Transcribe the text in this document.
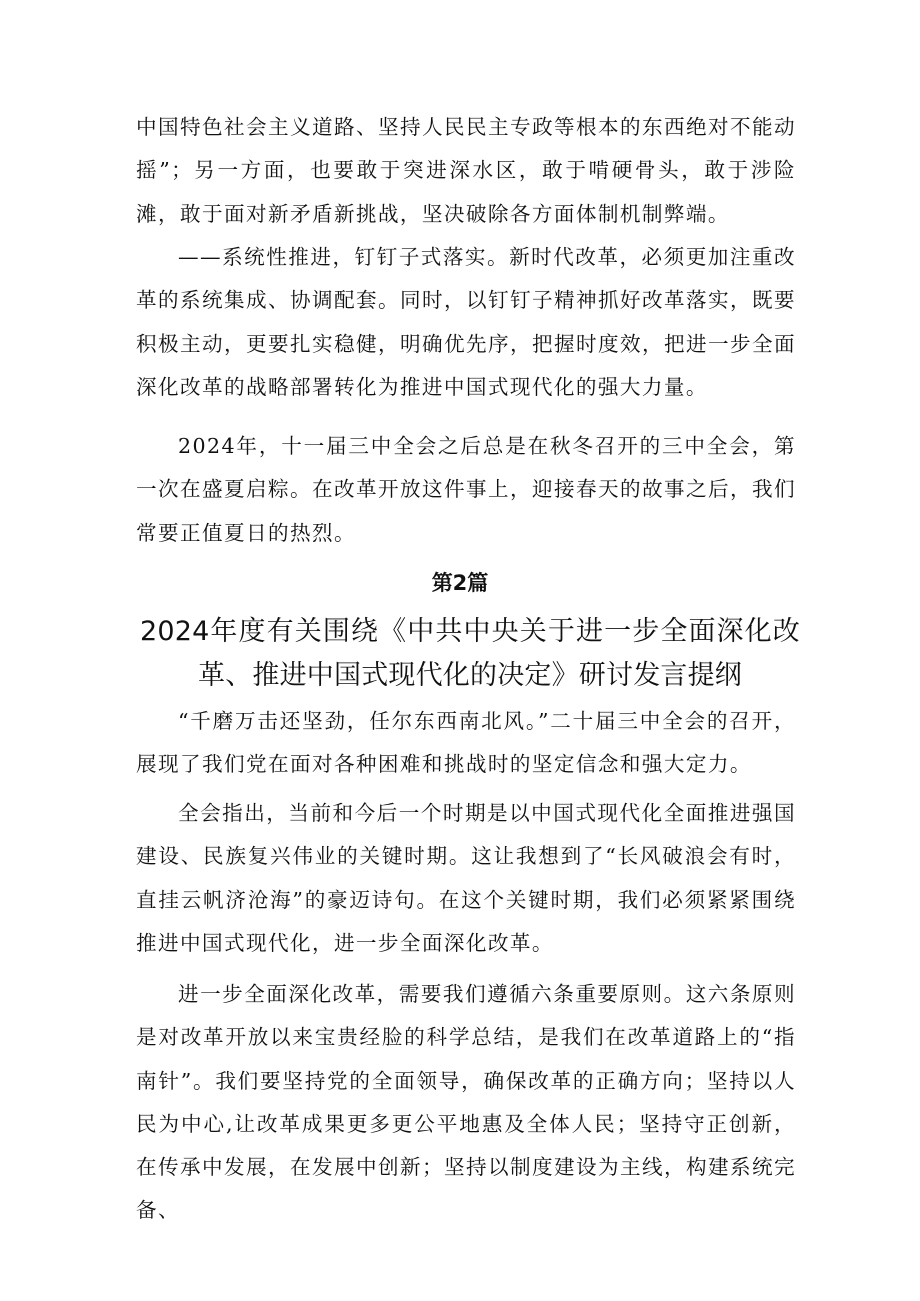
中国特色社会主义道路、坚持人民民主专政等根本的东西绝对不能动摇”；另一方面，也要敢于突进深水区，敢于啃硬骨头，敢于涉险滩，敢于面对新矛盾新挑战，坚决破除各方面体制机制弊端。

——系统性推进，钉钉子式落实。新时代改革，必须更加注重改革的系统集成、协调配套。同时，以钉钉子精神抓好改革落实，既要积极主动，更要扎实稳健，明确优先序，把握时度效，把进一步全面深化改革的战略部署转化为推进中国式现代化的强大力量。

2024年，十一届三中全会之后总是在秋冬召开的三中全会，第一次在盛夏启粽。在改革开放这件事上，迎接春天的故事之后，我们常要正值夏日的热烈。

第2篇
2024年度有关围绕《中共中央关于进一步全面深化改革、推进中国式现代化的决定》研讨发言提纲

“千磨万击还坚劲，任尔东西南北风。”二十届三中全会的召开，展现了我们党在面对各种困难和挑战时的坚定信念和强大定力。

全会指出，当前和今后一个时期是以中国式现代化全面推进强国建设、民族复兴伟业的关键时期。这让我想到了“长风破浪会有时，直挂云帆济沧海”的豪迈诗句。在这个关键时期，我们必须紧紧围绕推进中国式现代化，进一步全面深化改革。

进一步全面深化改革，需要我们遵循六条重要原则。这六条原则是对改革开放以来宝贵经脸的科学总结，是我们在改革道路上的“指南针”。我们要坚持党的全面领导，确保改革的正确方向；坚持以人民为中心,让改革成果更多更公平地惠及全体人民；坚持守正创新，在传承中发展，在发展中创新；坚持以制度建设为主线，构建系统完备、
